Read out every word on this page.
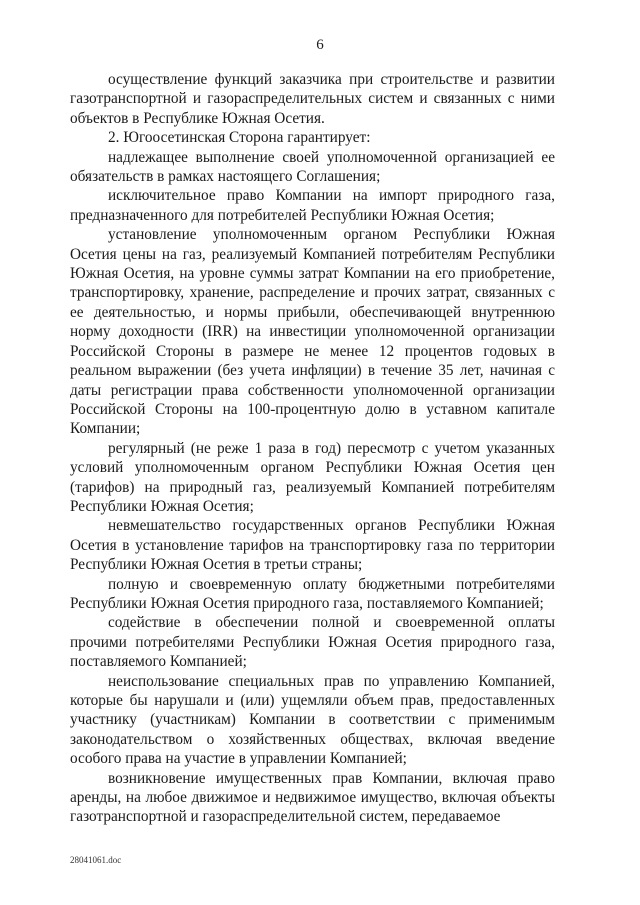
6

осуществление функций заказчика при строительстве и развитии газотранспортной и газораспределительных систем и связанных с ними объектов в Республике Южная Осетия.

2. Югоосетинская Сторона гарантирует:

надлежащее выполнение своей уполномоченной организацией ее обязательств в рамках настоящего Соглашения;

исключительное право Компании на импорт природного газа, предназначенного для потребителей Республики Южная Осетия;

установление уполномоченным органом Республики Южная Осетия цены на газ, реализуемый Компанией потребителям Республики Южная Осетия, на уровне суммы затрат Компании на его приобретение, транспортировку, хранение, распределение и прочих затрат, связанных с ее деятельностью, и нормы прибыли, обеспечивающей внутреннюю норму доходности (IRR) на инвестиции уполномоченной организации Российской Стороны в размере не менее 12 процентов годовых в реальном выражении (без учета инфляции) в течение 35 лет, начиная с даты регистрации права собственности уполномоченной организации Российской Стороны на 100-процентную долю в уставном капитале Компании;

регулярный (не реже 1 раза в год) пересмотр с учетом указанных условий уполномоченным органом Республики Южная Осетия цен (тарифов) на природный газ, реализуемый Компанией потребителям Республики Южная Осетия;

невмешательство государственных органов Республики Южная Осетия в установление тарифов на транспортировку газа по территории Республики Южная Осетия в третьи страны;

полную и своевременную оплату бюджетными потребителями Республики Южная Осетия природного газа, поставляемого Компанией;

содействие в обеспечении полной и своевременной оплаты прочими потребителями Республики Южная Осетия природного газа, поставляемого Компанией;

неиспользование специальных прав по управлению Компанией, которые бы нарушали и (или) ущемляли объем прав, предоставленных участнику (участникам) Компании в соответствии с применимым законодательством о хозяйственных обществах, включая введение особого права на участие в управлении Компанией;

возникновение имущественных прав Компании, включая право аренды, на любое движимое и недвижимое имущество, включая объекты газотранспортной и газораспределительной систем, передаваемое

28041061.doc
